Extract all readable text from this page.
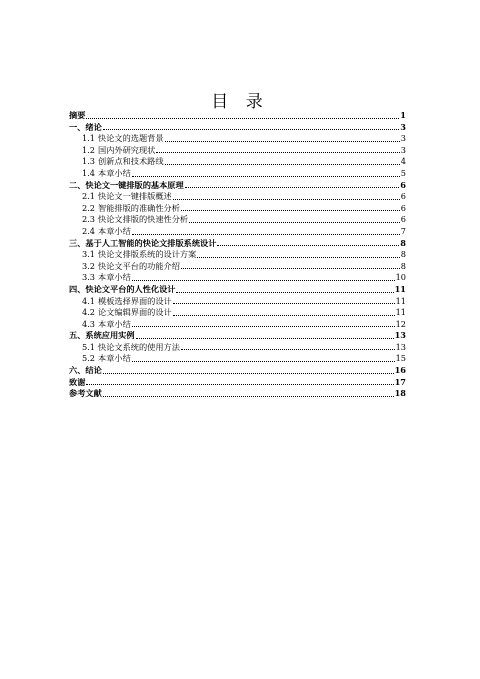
目 录
摘要	1
一、绪论	3
1.1 快论文的选题背景	3
1.2 国内外研究现状	3
1.3 创新点和技术路线	4
1.4 本章小结	5
二、快论文一键排版的基本原理	6
2.1 快论文一键排版概述	6
2.2 智能排版的准确性分析	6
2.3 快论文排版的快速性分析	6
2.4 本章小结	7
三、基于人工智能的快论文排版系统设计	8
3.1 快论文排版系统的设计方案	8
3.2 快论文平台的功能介绍	8
3.3 本章小结	10
四、快论文平台的人性化设计	11
4.1 模板选择界面的设计	11
4.2 论文编辑界面的设计	11
4.3 本章小结	12
五、系统应用实例	13
5.1 快论文系统的使用方法	13
5.2 本章小结	15
六、结论	16
致谢	17
参考文献	18
